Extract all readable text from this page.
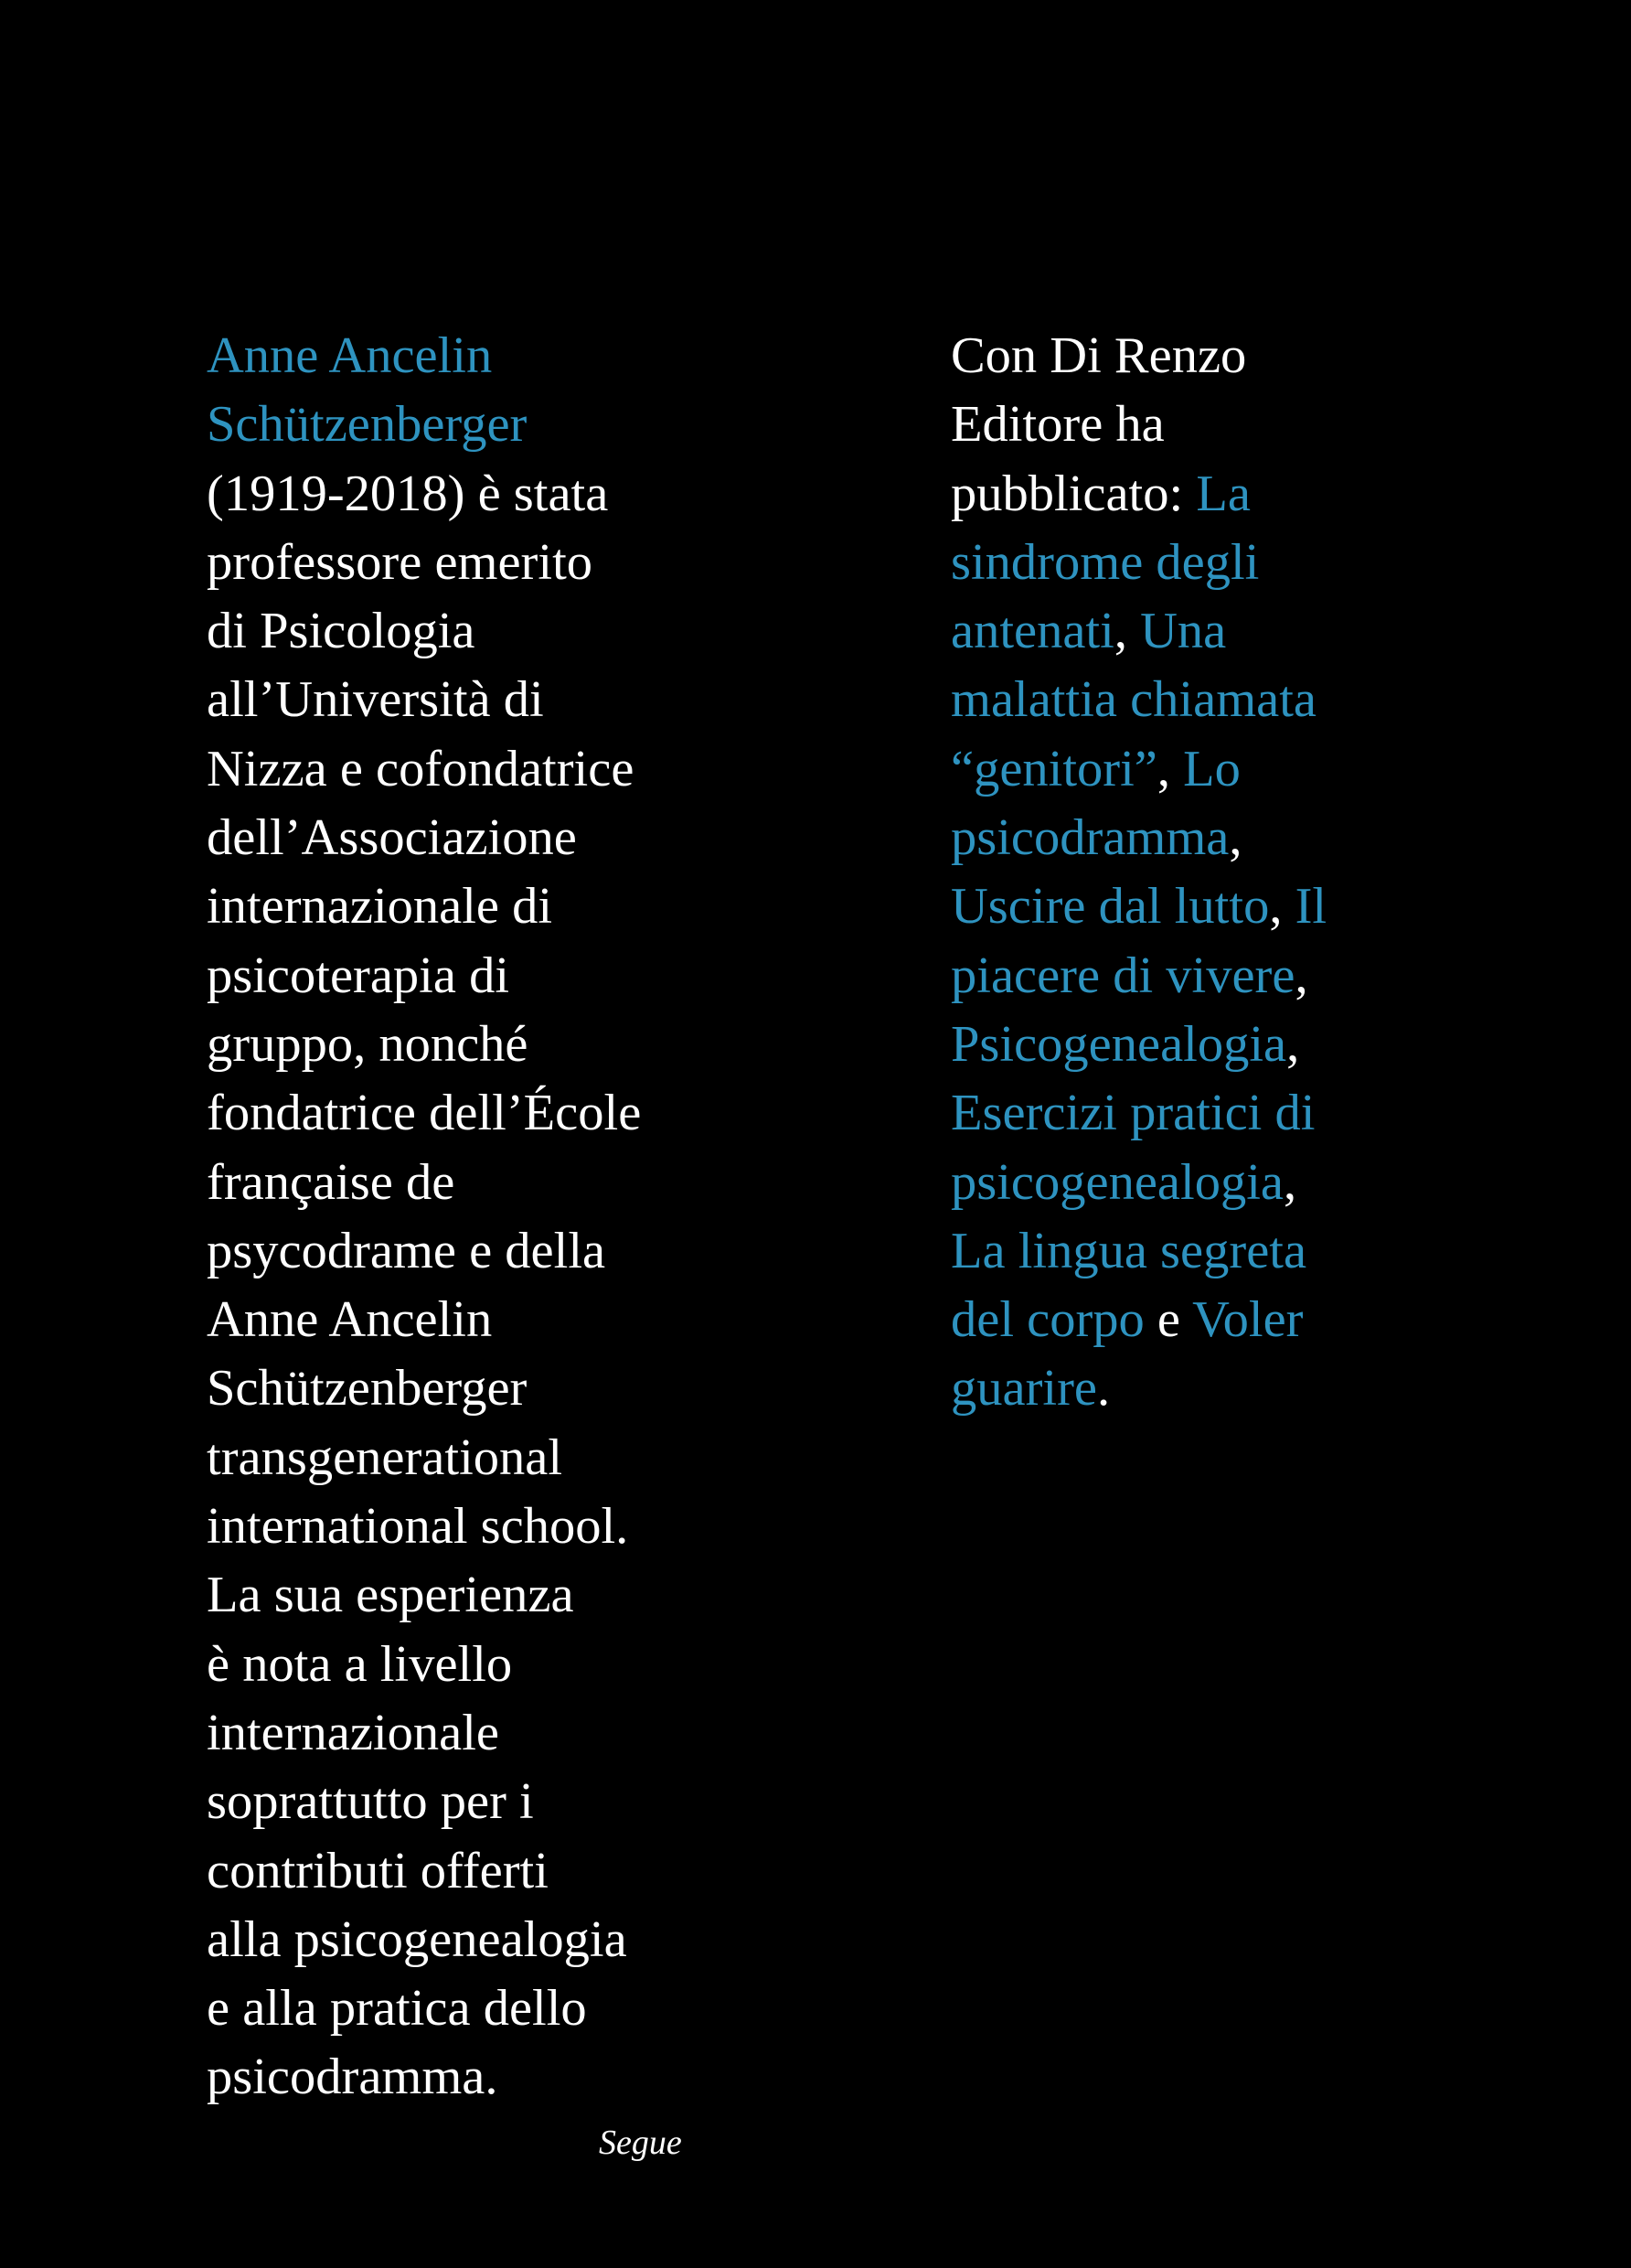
Anne Ancelin
Schützenberger
(1919-2018) è stata
professore emerito
di Psicologia
all’Università di
Nizza e cofondatrice
dell’Associazione
internazionale di
psicoterapia di
gruppo, nonché
fondatrice dell’École
française de
psycodrame e della
Anne Ancelin
Schützenberger
transgenerational
international school.
La sua esperienza
è nota a livello
internazionale
soprattutto per i
contributi offerti
alla psicogenealogia
e alla pratica dello
psicodramma.
Con Di Renzo
Editore ha
pubblicato: La
sindrome degli
antenati, Una
malattia chiamata
“genitori”, Lo
psicodramma,
Uscire dal lutto, Il
piacere di vivere,
Psicogenealogia,
Esercizi pratici di
psicogenealogia,
La lingua segreta
del corpo e Voler
guarire.
Segue
